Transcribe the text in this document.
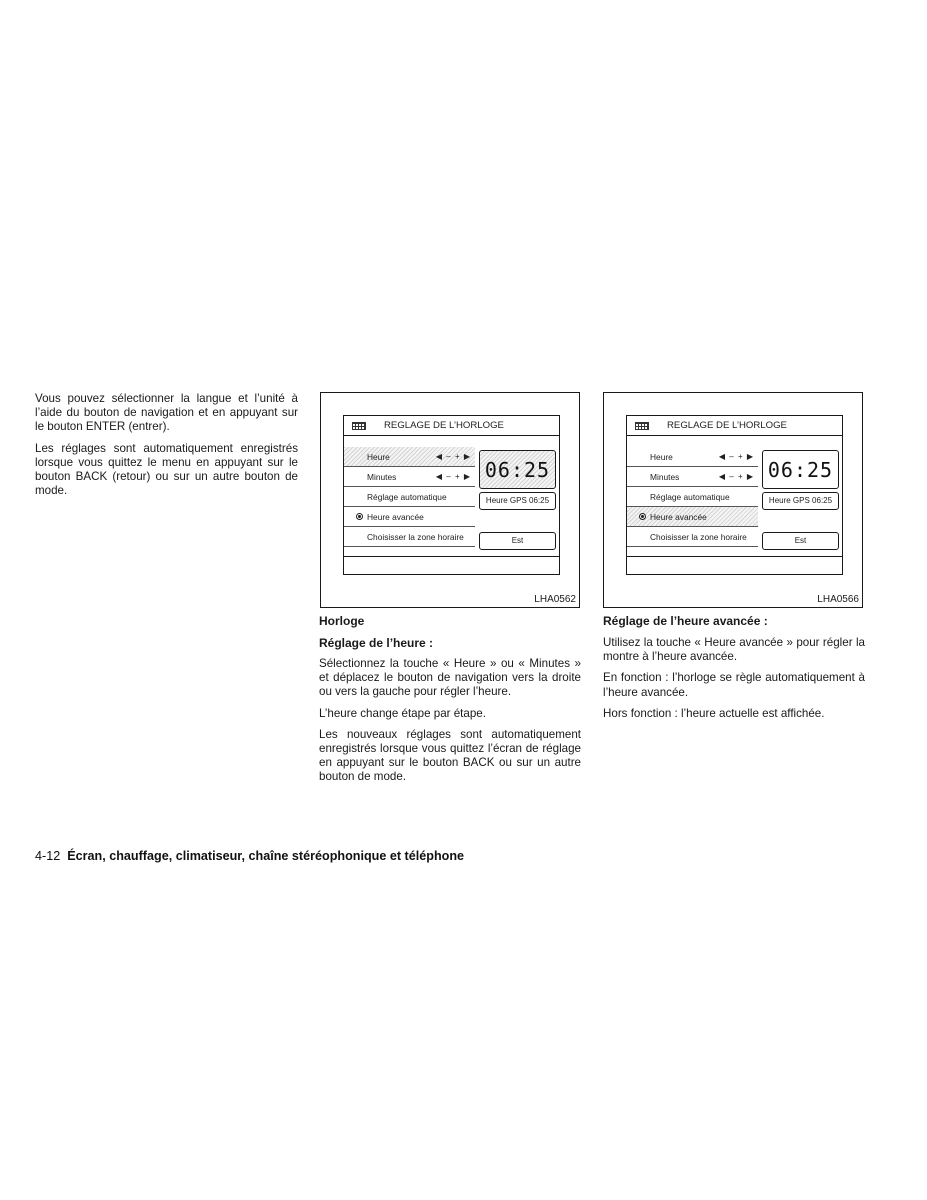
Vous pouvez sélectionner la langue et l’unité à l’aide du bouton de navigation et en appuyant sur le bouton ENTER (entrer).

Les réglages sont automatiquement enregistrés lorsque vous quittez le menu en appuyant sur le bouton BACK (retour) ou sur un autre bouton de mode.

REGLAGE DE L’HORLOGE
Heure	◀ – + ▶
Minutes	◀ – + ▶
Réglage automatique
Heure avancée
Choisisser la zone horaire
06:25
Heure GPS 06:25
Est
LHA0562
REGLAGE DE L’HORLOGE
Heure	◀ – + ▶
Minutes	◀ – + ▶
Réglage automatique
Heure avancée
Choisisser la zone horaire
06:25
Heure GPS 06:25
Est
LHA0566
Horloge
Réglage de l’heure :

Sélectionnez la touche « Heure » ou « Minutes » et déplacez le bouton de navigation vers la droite ou vers la gauche pour régler l’heure.

L’heure change étape par étape.

Les nouveaux réglages sont automatiquement enregistrés lorsque vous quittez l’écran de réglage en appuyant sur le bouton BACK ou sur un autre bouton de mode.

Réglage de l’heure avancée :

Utilisez la touche « Heure avancée » pour régler la montre à l’heure avancée.

En fonction : l’horloge se règle automatiquement à l’heure avancée.

Hors fonction : l’heure actuelle est affichée.

4-12 Écran, chauffage, climatiseur, chaîne stéréophonique et téléphone
